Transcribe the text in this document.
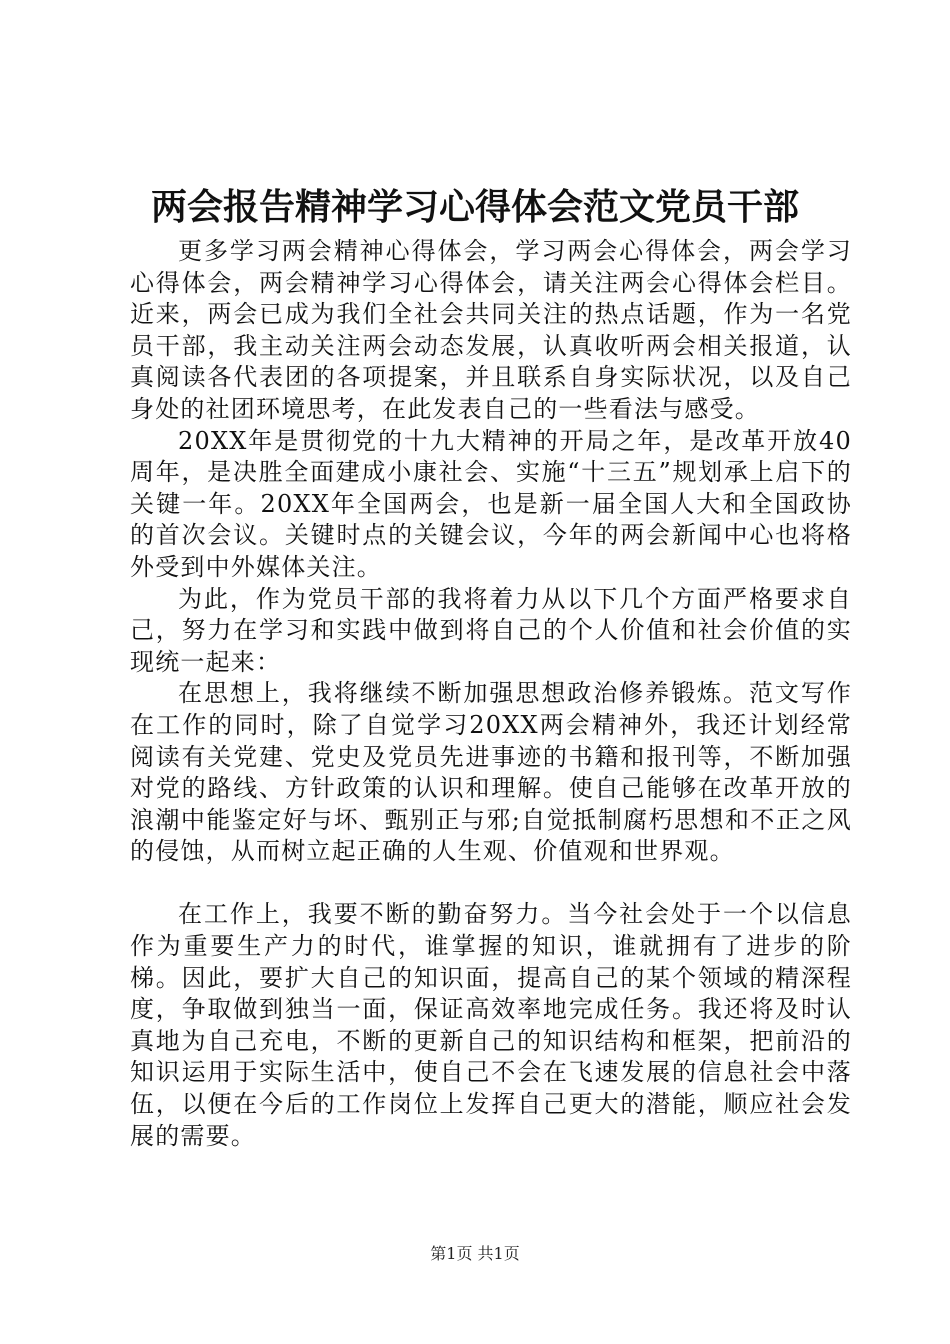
两会报告精神学习心得体会范文党员干部

更多学习两会精神心得体会，学习两会心得体会，两会学习心得体会，两会精神学习心得体会，请关注两会心得体会栏目。近来，两会已成为我们全社会共同关注的热点话题，作为一名党员干部，我主动关注两会动态发展，认真收听两会相关报道，认真阅读各代表团的各项提案，并且联系自身实际状况，以及自己身处的社团环境思考，在此发表自己的一些看法与感受。

20XX年是贯彻党的十九大精神的开局之年，是改革开放40周年，是决胜全面建成小康社会、实施“十三五”规划承上启下的关键一年。20XX年全国两会，也是新一届全国人大和全国政协的首次会议。关键时点的关键会议，今年的两会新闻中心也将格外受到中外媒体关注。

为此，作为党员干部的我将着力从以下几个方面严格要求自己，努力在学习和实践中做到将自己的个人价值和社会价值的实现统一起来：

在思想上，我将继续不断加强思想政治修养锻炼。范文写作在工作的同时，除了自觉学习20XX两会精神外，我还计划经常阅读有关党建、党史及党员先进事迹的书籍和报刊等，不断加强对党的路线、方针政策的认识和理解。使自己能够在改革开放的浪潮中能鉴定好与坏、甄别正与邪;自觉抵制腐朽思想和不正之风的侵蚀，从而树立起正确的人生观、价值观和世界观。

在工作上，我要不断的勤奋努力。当今社会处于一个以信息作为重要生产力的时代，谁掌握的知识，谁就拥有了进步的阶梯。因此，要扩大自己的知识面，提高自己的某个领域的精深程度，争取做到独当一面，保证高效率地完成任务。我还将及时认真地为自己充电，不断的更新自己的知识结构和框架，把前沿的知识运用于实际生活中，使自己不会在飞速发展的信息社会中落伍，以便在今后的工作岗位上发挥自己更大的潜能，顺应社会发展的需要。

第1页 共1页
